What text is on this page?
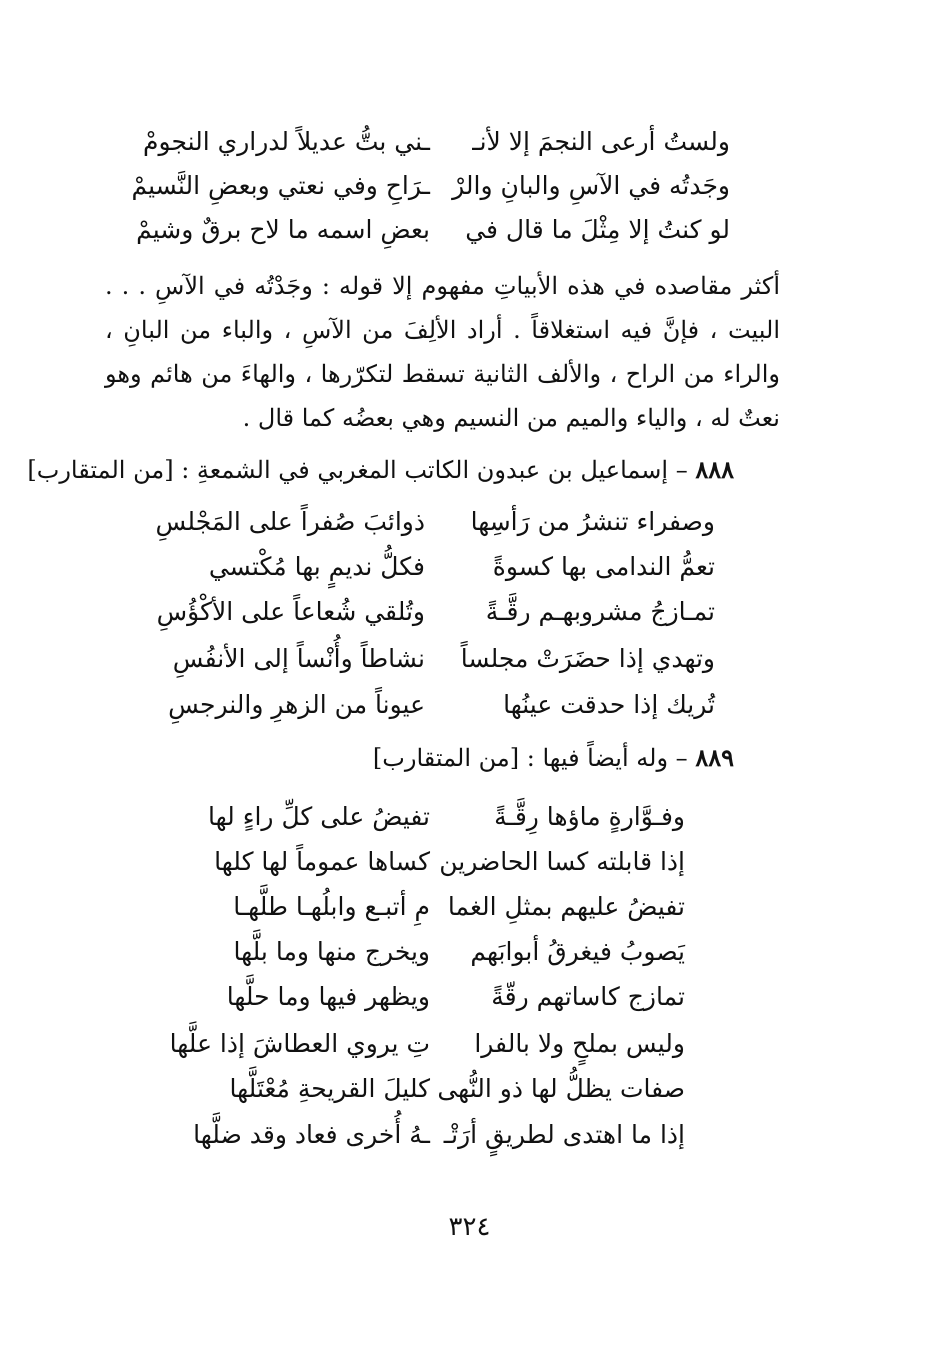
ولستُ أرعى النجمَ إلا لأنـ
ـني بتُّ عديلاً لدراري النجومْ
وجَدتُه في الآسِ والبانِ والرْ
ـرَاحِ وفي نعتي وبعضِ النَّسيمْ
لو كنتُ إلا مِثْلَ ما قال في
بعضِ اسمه ما لاح برقٌ وشيمْ
أكثر مقاصده في هذه الأبياتِ مفهوم إلا قوله : وجَدْتُه في الآسِ . . . البيت ، فإنَّ فيه استغلاقاً . أراد الألِفَ من الآسِ ، والباء من البانِ ، والراء من الراح ، والألف الثانية تسقط لتكرّرها ، والهاءَ من هائم وهو نعتٌ له ، والياء والميم من النسيم وهي بعضُه كما قال .
٨٨٨ – إسماعيل بن عبدون الكاتب المغربي في الشمعةِ : [من المتقارب]
وصفراء تنشرُ من رَأسِها
ذوائبَ صُفراً على المَجْلسِ
تعمُّ الندامى بها كسوةً
فكلُّ نديمٍ بها مُكْتسي
تمـازجُ مشروبهـم رقَّـةً
وتُلقي شُعاعاً على الأكْؤُسِ
وتهدي إذا حضَرَتْ مجلساً
نشاطاً وأُنْساً إلى الأنفُسِ
تُريك إذا حدقت عينُها
عيوناً من الزهرِ والنرجسِ
٨٨٩ – وله أيضاً فيها : [من المتقارب]
وفـوَّارةٍ ماؤها رِقَّـةً
تفيضُ على كلِّ راءٍ لها
إذا قابلته كسا الحاضرين
كساها عموماً لها كلها
تفيضُ عليهم بمثلِ الغما
مِ أتبـع وابلُهـا طلَّهـا
يَصوبُ فيغرقُ أبوابَهم
ويخرج منها وما بلَّها
تمازج كاساتهم رقّةً
ويظهر فيها وما حلَّها
وليس بملحٍ ولا بالفرا
تِ يروي العطاشَ إذا علَّها
صفات يظلُّ لها ذو النُّهى
كليلَ القريحةِ مُعْتَلَّها
إذا ما اهتدى لطريقٍ أرَتْـ
ـهُ أُخرى فعاد وقد ضلَّها
٣٢٤
